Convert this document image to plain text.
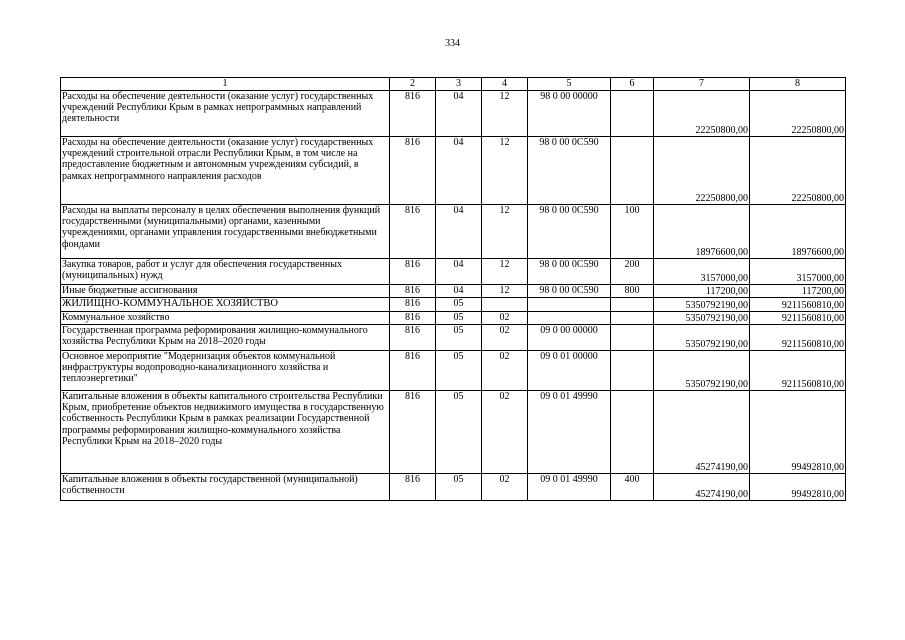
334
1	2	3	4	5	6	7	8
Расходы на обеспечение деятельности (оказание услуг) государственных учреждений Республики Крым в рамках непрограммных направлений деятельности	816	04	12	98 0 00 00000		22250800,00	22250800,00
Расходы на обеспечение деятельности (оказание услуг) государственных учреждений строительной отрасли Республики Крым, в том числе на предоставление бюджетным и автономным учреждениям субсидий, в рамках непрограммного направления расходов	816	04	12	98 0 00 0С590		22250800,00	22250800,00
Расходы на выплаты персоналу в целях обеспечения выполнения функций государственными (муниципальными) органами, казенными учреждениями, органами управления государственными внебюджетными фондами	816	04	12	98 0 00 0С590	100	18976600,00	18976600,00
Закупка товаров, работ и услуг для обеспечения государственных (муниципальных) нужд	816	04	12	98 0 00 0С590	200	3157000,00	3157000,00
Иные бюджетные ассигнования	816	04	12	98 0 00 0С590	800	117200,00	117200,00
ЖИЛИЩНО-КОММУНАЛЬНОЕ ХОЗЯЙСТВО	816	05				5350792190,00	9211560810,00
Коммунальное хозяйство	816	05	02			5350792190,00	9211560810,00
Государственная программа реформирования жилищно-коммунального хозяйства Республики Крым на 2018–2020 годы	816	05	02	09 0 00 00000		5350792190,00	9211560810,00
Основное мероприятие "Модернизация объектов коммунальной инфраструктуры водопроводно-канализационного хозяйства и теплоэнергетики"	816	05	02	09 0 01 00000		5350792190,00	9211560810,00
Капитальные вложения в объекты капитального строительства Республики Крым, приобретение объектов недвижимого имущества в государственную собственность Республики Крым в рамках реализации Государственной программы реформирования жилищно-коммунального хозяйства Республики Крым на 2018–2020 годы	816	05	02	09 0 01 49990		45274190,00	99492810,00
Капитальные вложения в объекты государственной (муниципальной) собственности	816	05	02	09 0 01 49990	400	45274190,00	99492810,00
